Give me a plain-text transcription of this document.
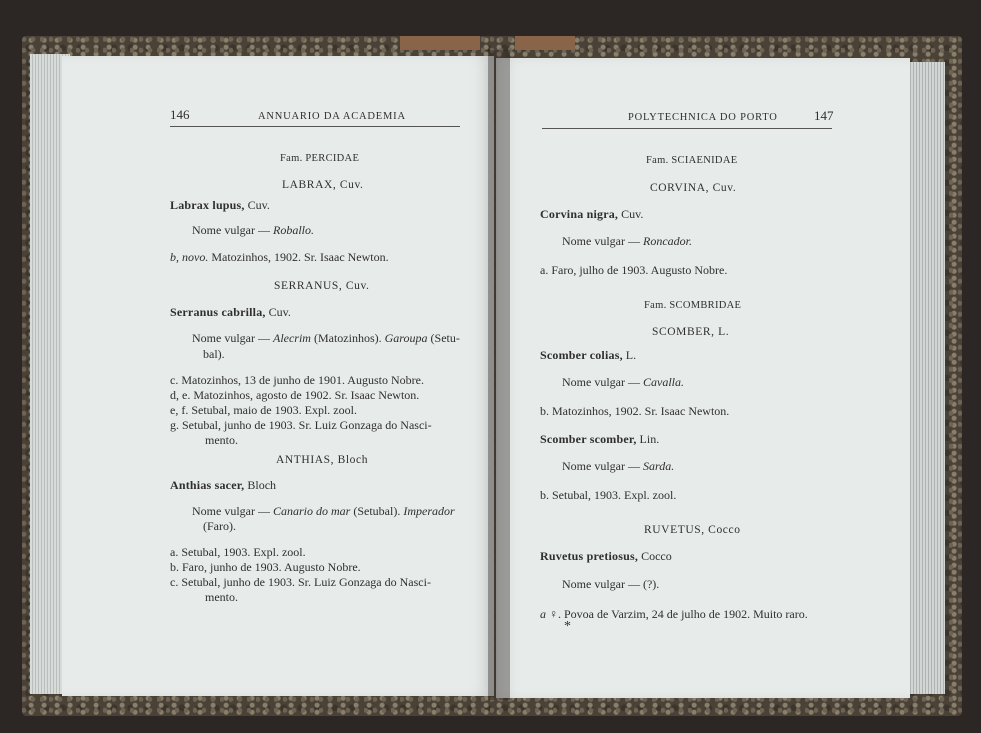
146	ANNUARIO DA ACADEMIA
Fam. PERCIDAE
LABRAX, Cuv.
Labrax lupus, Cuv.
Nome vulgar — Roballo.
b, novo. Matozinhos, 1902. Sr. Isaac Newton.
SERRANUS, Cuv.
Serranus cabrilla, Cuv.
Nome vulgar — Alecrim (Matozinhos). Garoupa (Setu-
bal).
c. Matozinhos, 13 de junho de 1901. Augusto Nobre.
d, e. Matozinhos, agosto de 1902. Sr. Isaac Newton.
e, f. Setubal, maio de 1903. Expl. zool.
g. Setubal, junho de 1903. Sr. Luiz Gonzaga do Nasci-
mento.
ANTHIAS, Bloch
Anthias sacer, Bloch
Nome vulgar — Canario do mar (Setubal). Imperador
(Faro).
a. Setubal, 1903. Expl. zool.
b. Faro, junho de 1903. Augusto Nobre.
c. Setubal, junho de 1903. Sr. Luiz Gonzaga do Nasci-
mento.
POLYTECHNICA DO PORTO	147
Fam. SCIAENIDAE
CORVINA, Cuv.
Corvina nigra, Cuv.
Nome vulgar — Roncador.
a. Faro, julho de 1903. Augusto Nobre.
Fam. SCOMBRIDAE
SCOMBER, L.
Scomber colias, L.
Nome vulgar — Cavalla.
b. Matozinhos, 1902. Sr. Isaac Newton.
Scomber scomber, Lin.
Nome vulgar — Sarda.
b. Setubal, 1903. Expl. zool.
RUVETUS, Cocco
Ruvetus pretiosus, Cocco
Nome vulgar — (?).
a ♀. Povoa de Varzim, 24 de julho de 1902. Muito raro.
*
